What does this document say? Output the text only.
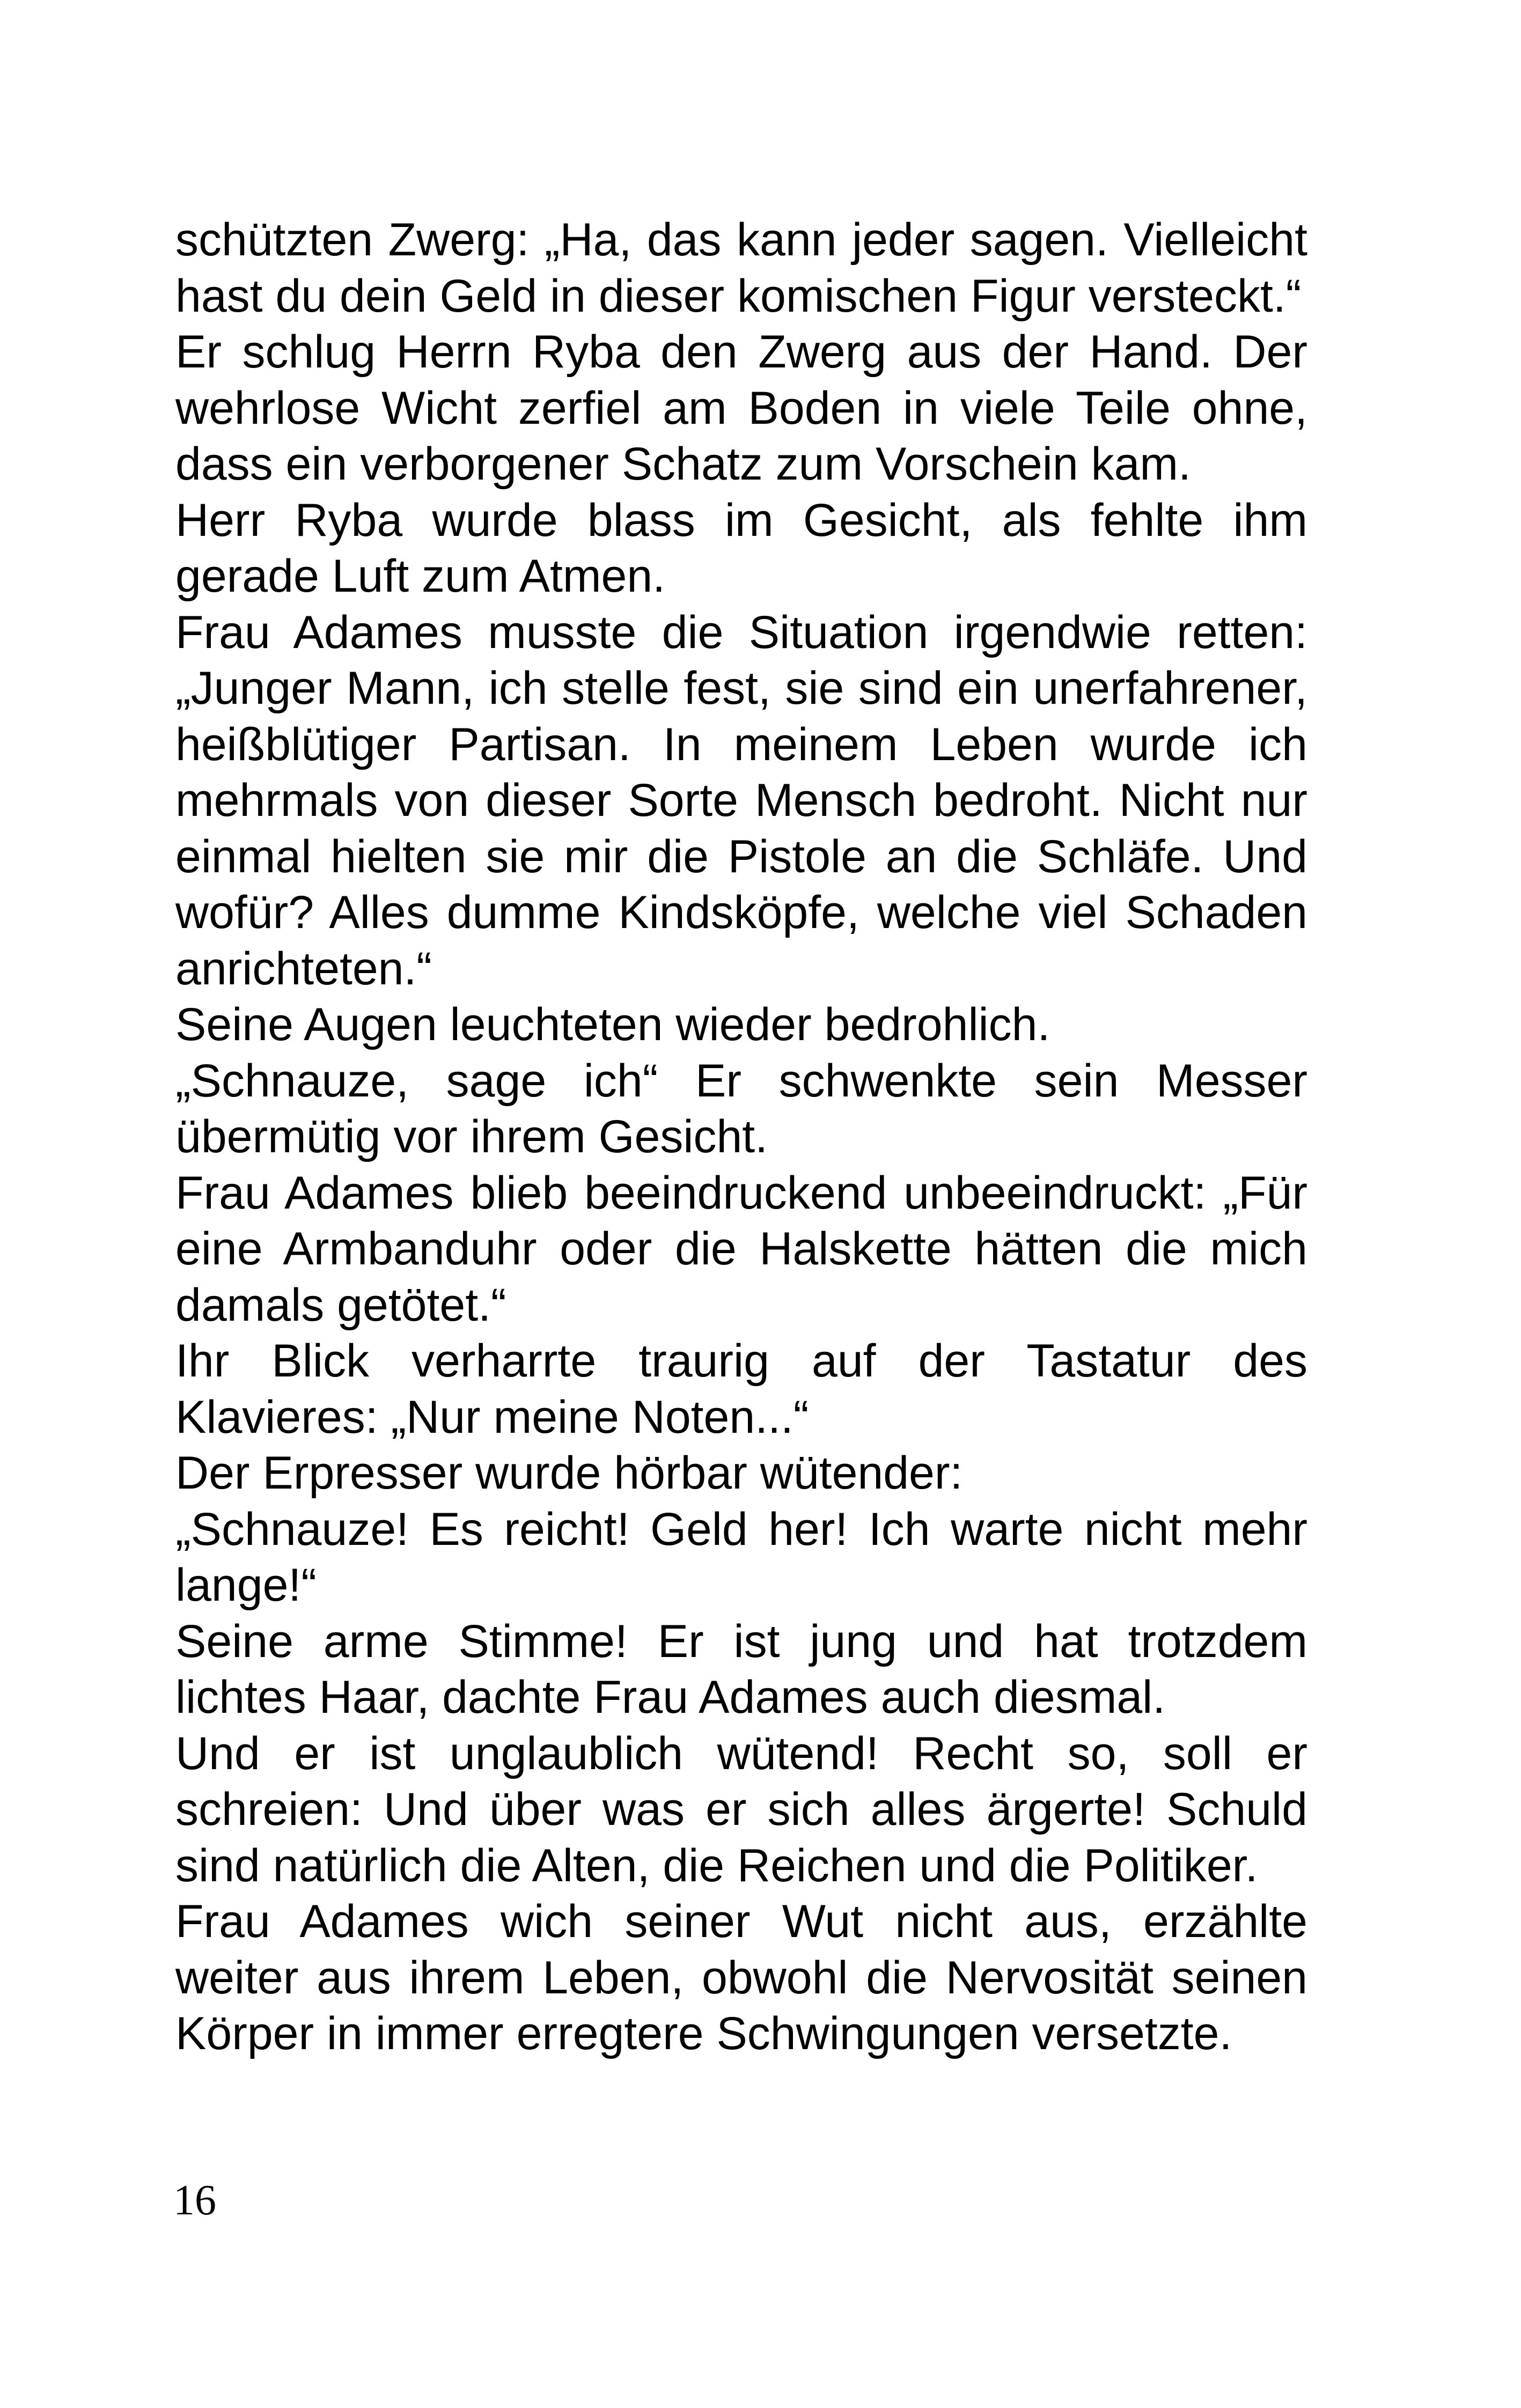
schützten Zwerg: „Ha, das kann jeder sagen. Vielleicht hast du dein Geld in dieser komischen Figur versteckt.“

Er schlug Herrn Ryba den Zwerg aus der Hand. Der wehrlose Wicht zerfiel am Boden in viele Teile ohne, dass ein verborgener Schatz zum Vorschein kam.

Herr Ryba wurde blass im Gesicht, als fehlte ihm gerade Luft zum Atmen.

Frau Adames musste die Situation irgendwie retten: „Junger Mann, ich stelle fest, sie sind ein unerfahrener, heißblütiger Partisan. In meinem Leben wurde ich mehrmals von dieser Sorte Mensch bedroht. Nicht nur einmal hielten sie mir die Pistole an die Schläfe. Und wofür? Alles dumme Kindsköpfe, welche viel Schaden anrichteten.“

Seine Augen leuchteten wieder bedrohlich.

„Schnauze, sage ich“ Er schwenkte sein Messer übermütig vor ihrem Gesicht.

Frau Adames blieb beeindruckend unbeeindruckt: „Für eine Armbanduhr oder die Halskette hätten die mich damals getötet.“

Ihr Blick verharrte traurig auf der Tastatur des Klavieres: „Nur meine Noten...“

Der Erpresser wurde hörbar wütender:

„Schnauze! Es reicht! Geld her! Ich warte nicht mehr lange!“

Seine arme Stimme! Er ist jung und hat trotzdem lichtes Haar, dachte Frau Adames auch diesmal.

Und er ist unglaublich wütend! Recht so, soll er schreien: Und über was er sich alles ärgerte! Schuld sind natürlich die Alten, die Reichen und die Politiker.

Frau Adames wich seiner Wut nicht aus, erzählte weiter aus ihrem Leben, obwohl die Nervosität seinen Körper in immer erregtere Schwingungen versetzte.

16
